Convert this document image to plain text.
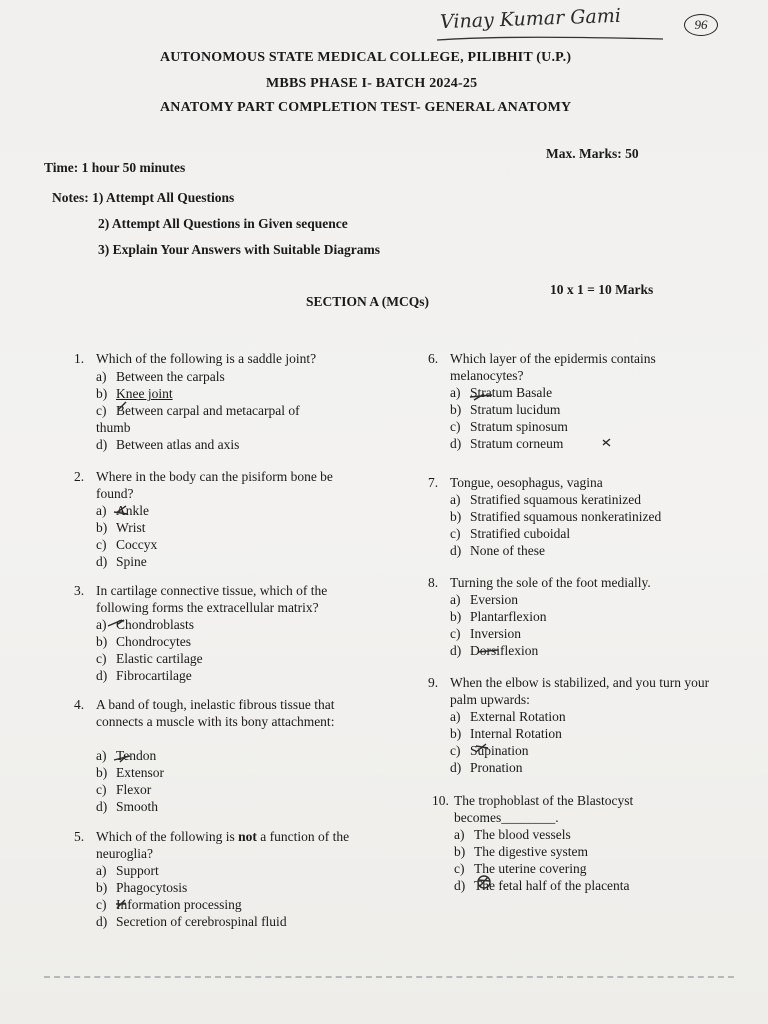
Vinay Kumar Gami	96
AUTONOMOUS STATE MEDICAL COLLEGE, PILIBHIT (U.P.)
MBBS PHASE I- BATCH 2024-25
ANATOMY PART COMPLETION TEST- GENERAL ANATOMY
Time: 1 hour 50 minutes
Max. Marks: 50
Notes: 1) Attempt All Questions
2) Attempt All Questions in Given sequence
3) Explain Your Answers with Suitable Diagrams
SECTION A (MCQs)
10 x 1 = 10 Marks
1. Which of the following is a saddle joint?
a) Between the carpals
b) Knee joint
c) Between carpal and metacarpal of thumb
d) Between atlas and axis
2. Where in the body can the pisiform bone be found?
a) Ankle
b) Wrist
c) Coccyx
d) Spine
3. In cartilage connective tissue, which of the following forms the extracellular matrix?
a) Chondroblasts
b) Chondrocytes
c) Elastic cartilage
d) Fibrocartilage
4. A band of tough, inelastic fibrous tissue that connects a muscle with its bony attachment:
a) Tendon
b) Extensor
c) Flexor
d) Smooth
5. Which of the following is not a function of the neuroglia?
a) Support
b) Phagocytosis
c) Information processing
d) Secretion of cerebrospinal fluid
6. Which layer of the epidermis contains melanocytes?
a) Stratum Basale
b) Stratum lucidum
c) Stratum spinosum
d) Stratum corneum
7. Tongue, oesophagus, vagina
a) Stratified squamous keratinized
b) Stratified squamous nonkeratinized
c) Stratified cuboidal
d) None of these
8. Turning the sole of the foot medially.
a) Eversion
b) Plantarflexion
c) Inversion
d) Dorsiflexion
9. When the elbow is stabilized, and you turn your palm upwards:
a) External Rotation
b) Internal Rotation
c) Supination
d) Pronation
10. The trophoblast of the Blastocyst becomes________.
a) The blood vessels
b) The digestive system
c) The uterine covering
d) The fetal half of the placenta
